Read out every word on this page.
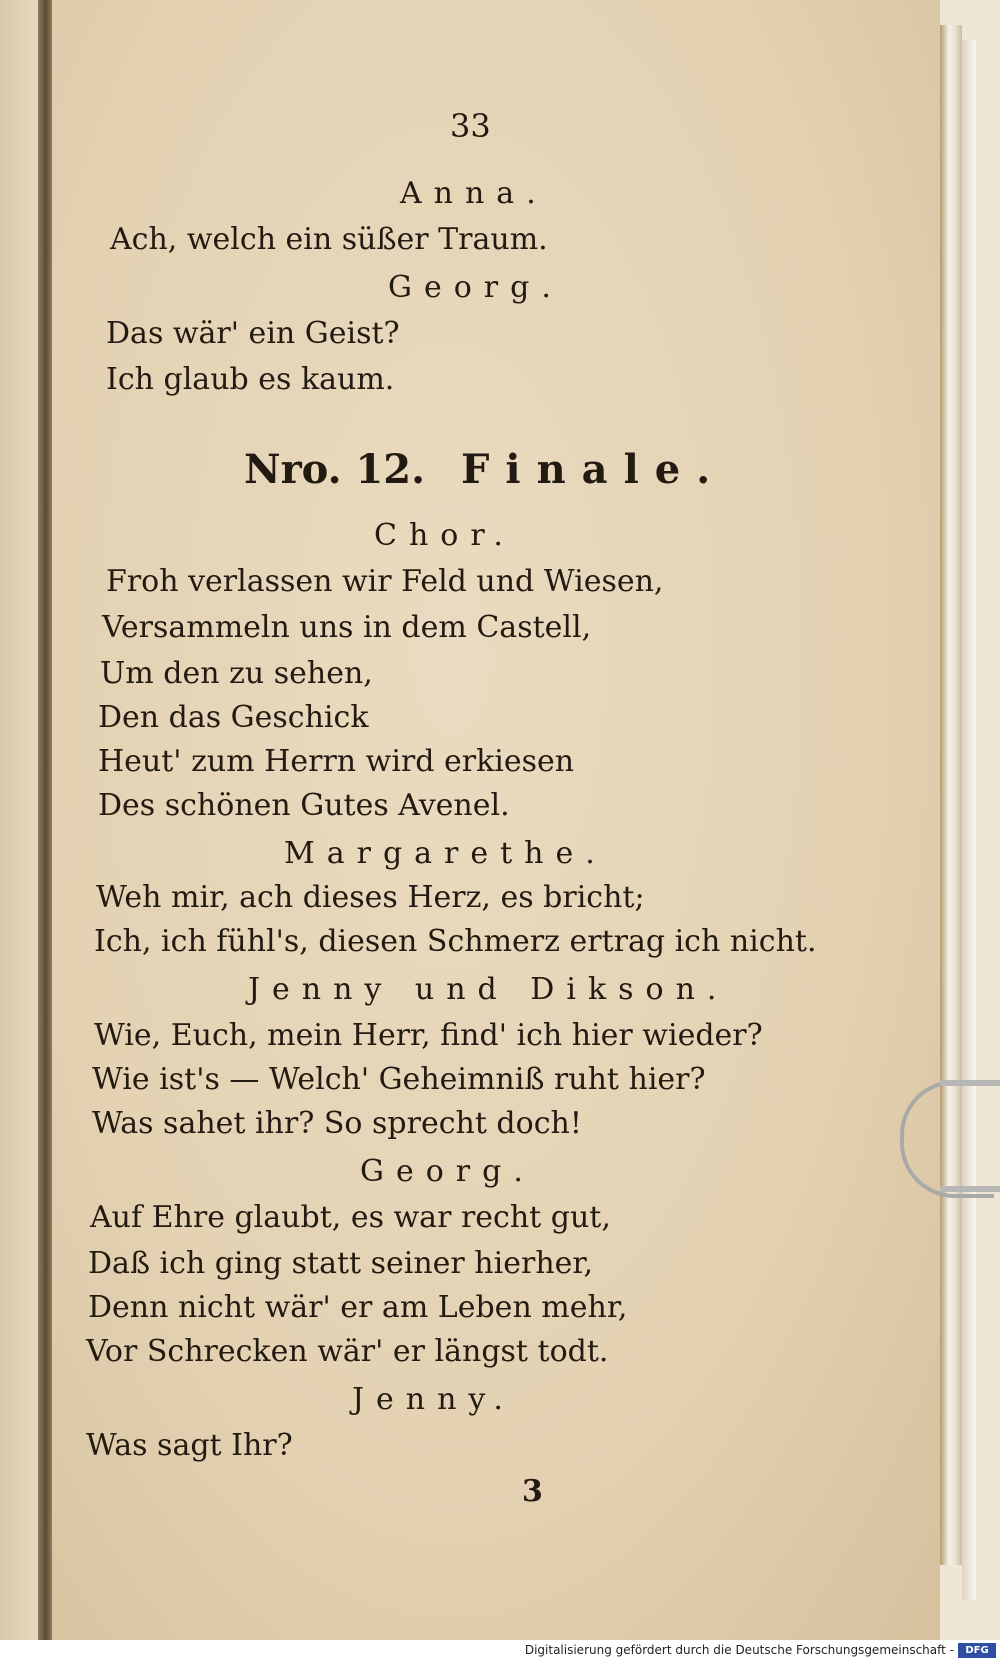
33
Anna.
Ach, welch ein süßer Traum.
Georg.
Das wär' ein Geist?
Ich glaub es kaum.
Nro. 12. Finale.
Chor.
Froh verlassen wir Feld und Wiesen,
Versammeln uns in dem Castell,
Um den zu sehen,
Den das Geschick
Heut' zum Herrn wird erkiesen
Des schönen Gutes Avenel.
Margarethe.
Weh mir, ach dieses Herz, es bricht;
Ich, ich fühl's, diesen Schmerz ertrag ich nicht.
Jenny und Dikson.
Wie, Euch, mein Herr, find' ich hier wieder?
Wie ist's — Welch' Geheimniß ruht hier?
Was sahet ihr? So sprecht doch!
Georg.
Auf Ehre glaubt, es war recht gut,
Daß ich ging statt seiner hierher,
Denn nicht wär' er am Leben mehr,
Vor Schrecken wär' er längst todt.
Jenny.
Was sagt Ihr?
3
Digitalisierung gefördert durch die Deutsche Forschungsgemeinschaft -	DFG
